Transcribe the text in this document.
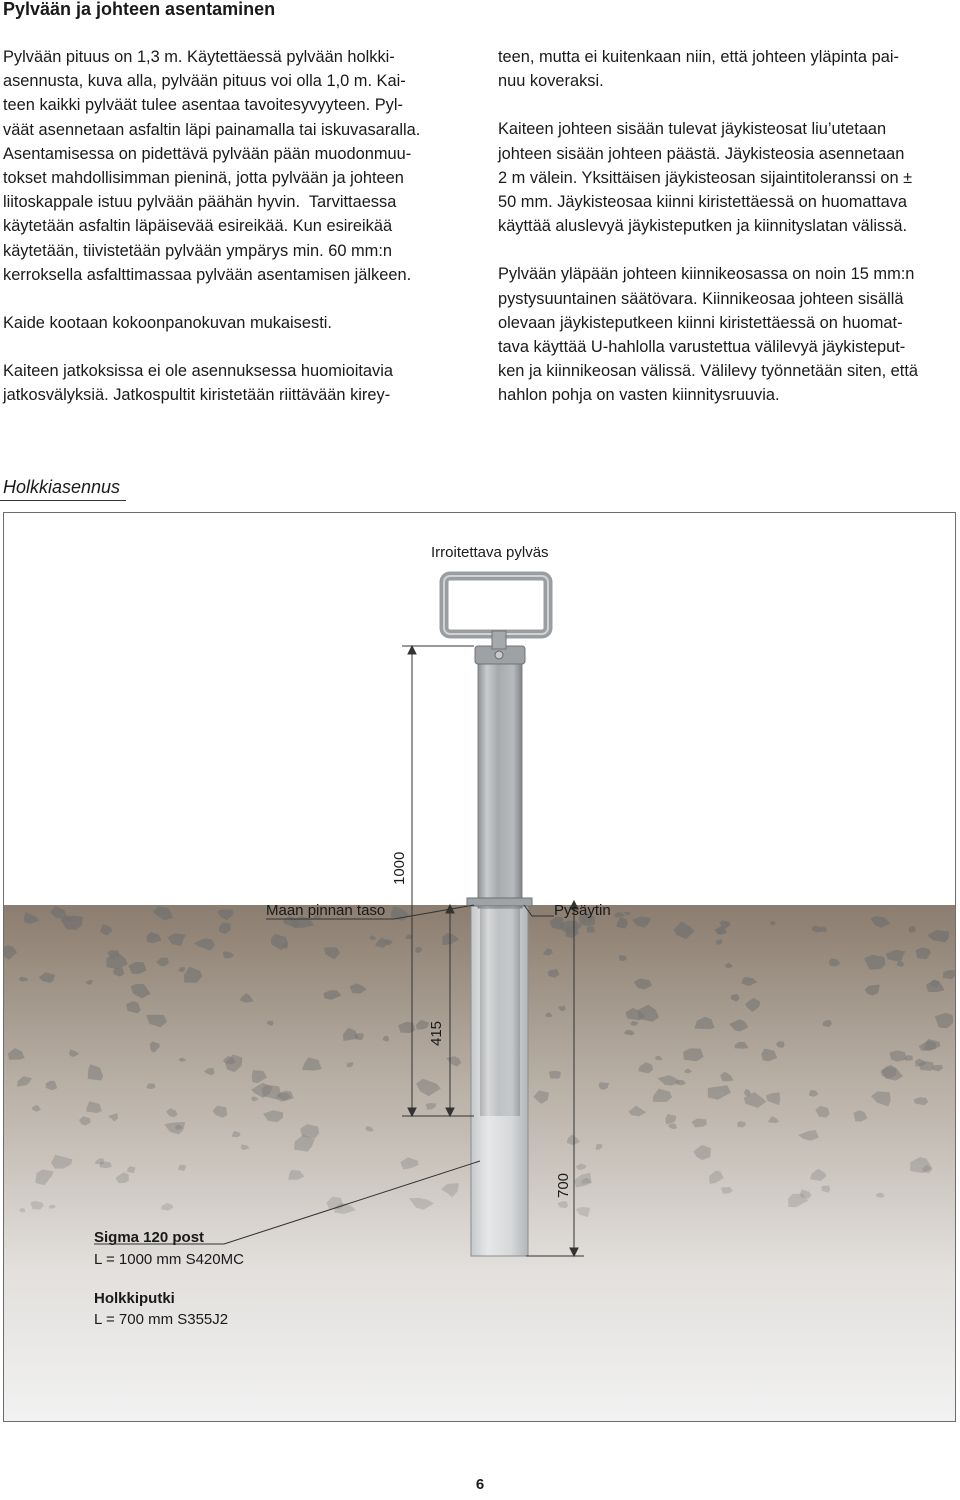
Pylvään ja johteen asentaminen

Pylvään pituus on 1,3 m. Käytettäessä pylvään holkki-
asennusta, kuva alla, pylvään pituus voi olla 1,0 m. Kai-
teen kaikki pylväät tulee asentaa tavoitesyvyyteen. Pyl-
väät asennetaan asfaltin läpi painamalla tai iskuvasaralla.
Asentamisessa on pidettävä pylvään pään muodonmuu-
tokset mahdollisimman pieninä, jotta pylvään ja johteen
liitoskappale istuu pylvään päähän hyvin.  Tarvittaessa
käytetään asfaltin läpäisevää esireikää. Kun esireikää
käytetään, tiivistetään pylvään ympärys min. 60 mm:n
kerroksella asfalttimassaa pylvään asentamisen jälkeen.

Kaide kootaan kokoonpanokuvan mukaisesti.

Kaiteen jatkoksissa ei ole asennuksessa huomioitavia
jatkosvälyksiä. Jatkospultit kiristetään riittävään kirey-

teen, mutta ei kuitenkaan niin, että johteen yläpinta pai-
nuu koveraksi.

Kaiteen johteen sisään tulevat jäykisteosat liu’utetaan
johteen sisään johteen päästä. Jäykisteosia asennetaan
2 m välein. Yksittäisen jäykisteosan sijaintitoleranssi on ±
50 mm. Jäykisteosaa kiinni kiristettäessä on huomattava
käyttää aluslevyä jäykisteputken ja kiinnityslatan välissä.

Pylvään yläpään johteen kiinnikeosassa on noin 15 mm:n
pystysuuntainen säätövara. Kiinnikeosaa johteen sisällä
olevaan jäykisteputkeen kiinni kiristettäessä on huomat-
tava käyttää U-hahlolla varustettua välilevyä jäykisteput-
ken ja kiinnikeosan välissä. Välilevy työnnetään siten, että
hahlon pohja on vasten kiinnitysruuvia.

Holkkiasennus
Irroitettava pylväs
Maan pinnan taso	Pysäytin
1000
415
700
Sigma 120 post
L = 1000 mm S420MC
Holkkiputki
L = 700 mm S355J2
6
